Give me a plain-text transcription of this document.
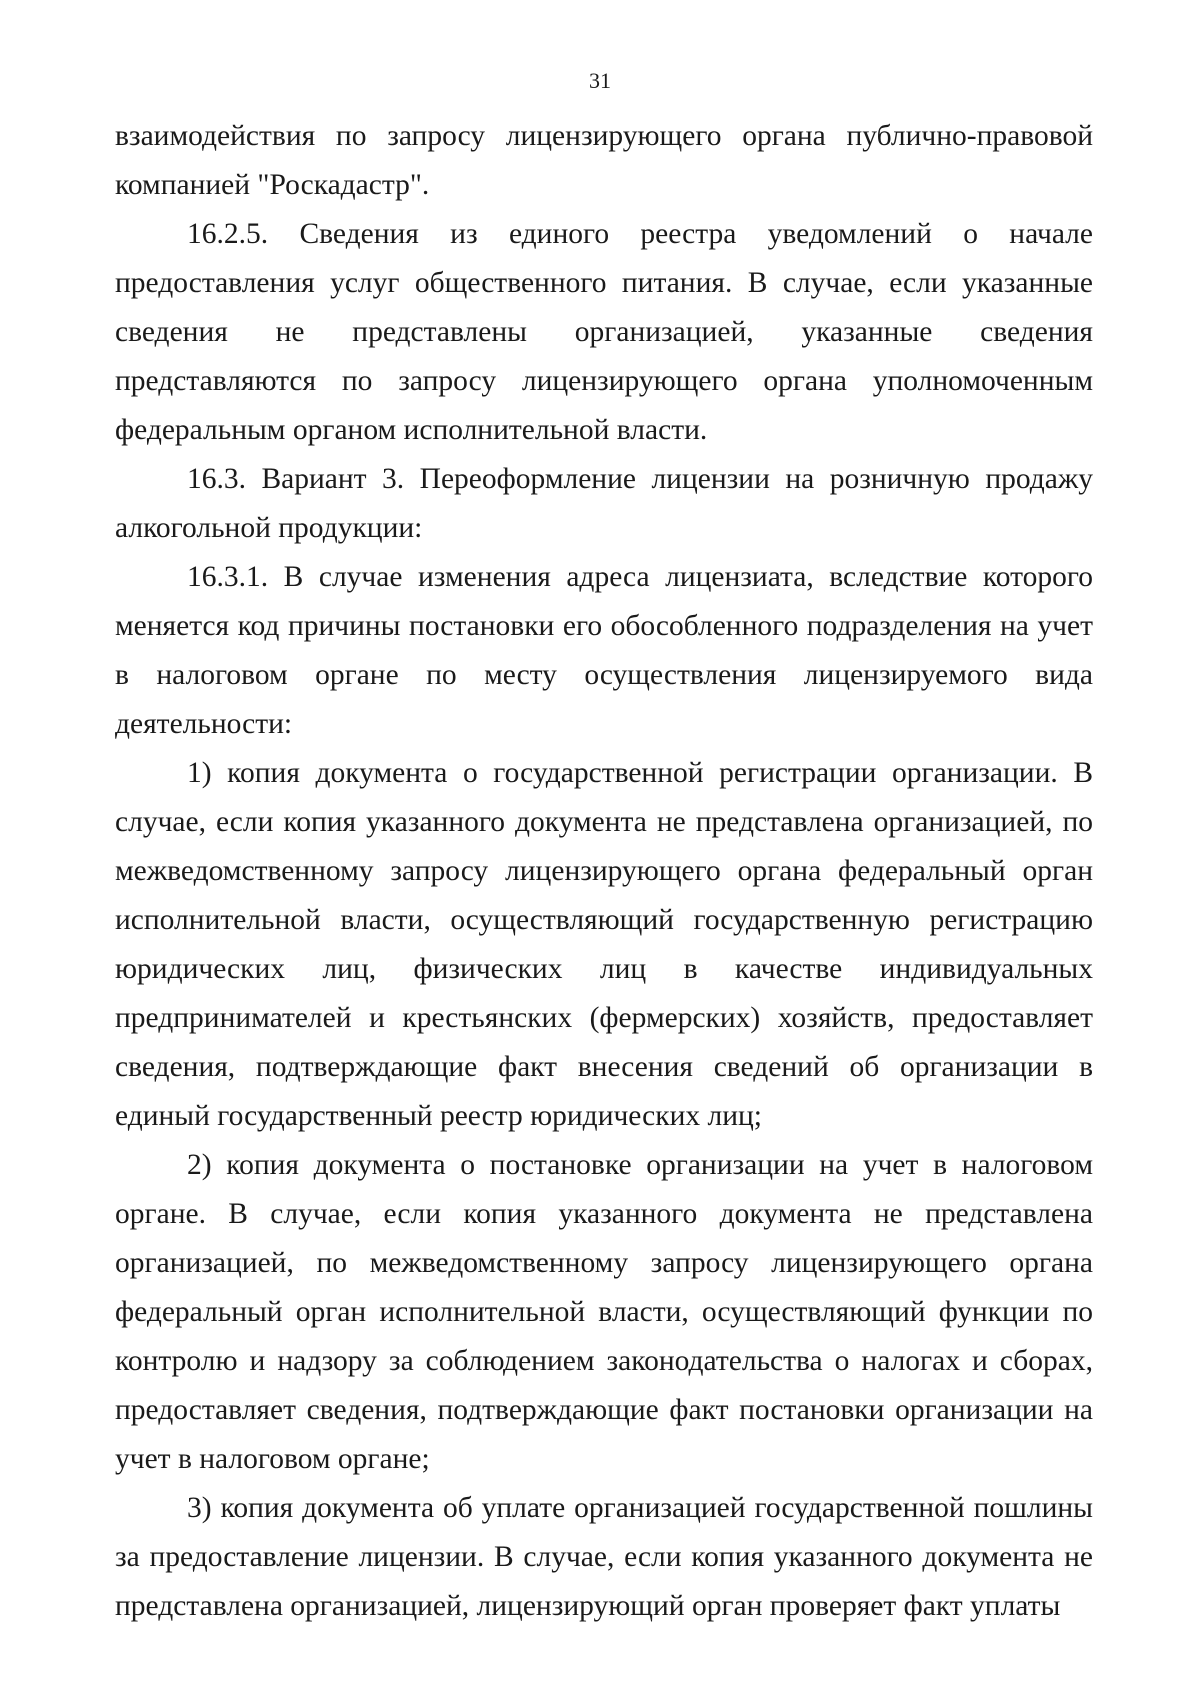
31

взаимодействия по запросу лицензирующего органа публично-правовой компанией "Роскадастр".

16.2.5. Сведения из единого реестра уведомлений о начале предоставления услуг общественного питания. В случае, если указанные сведения не представлены организацией, указанные сведения представляются по запросу лицензирующего органа уполномоченным федеральным органом исполнительной власти.

16.3. Вариант 3. Переоформление лицензии на розничную продажу алкогольной продукции:

16.3.1. В случае изменения адреса лицензиата, вследствие которого меняется код причины постановки его обособленного подразделения на учет в налоговом органе по месту осуществления лицензируемого вида деятельности:

1) копия документа о государственной регистрации организации. В случае, если копия указанного документа не представлена организацией, по межведомственному запросу лицензирующего органа федеральный орган исполнительной власти, осуществляющий государственную регистрацию юридических лиц, физических лиц в качестве индивидуальных предпринимателей и крестьянских (фермерских) хозяйств, предоставляет сведения, подтверждающие факт внесения сведений об организации в единый государственный реестр юридических лиц;

2) копия документа о постановке организации на учет в налоговом органе. В случае, если копия указанного документа не представлена организацией, по межведомственному запросу лицензирующего органа федеральный орган исполнительной власти, осуществляющий функции по контролю и надзору за соблюдением законодательства о налогах и сборах, предоставляет сведения, подтверждающие факт постановки организации на учет в налоговом органе;

3) копия документа об уплате организацией государственной пошлины за предоставление лицензии. В случае, если копия указанного документа не представлена организацией, лицензирующий орган проверяет факт уплаты
